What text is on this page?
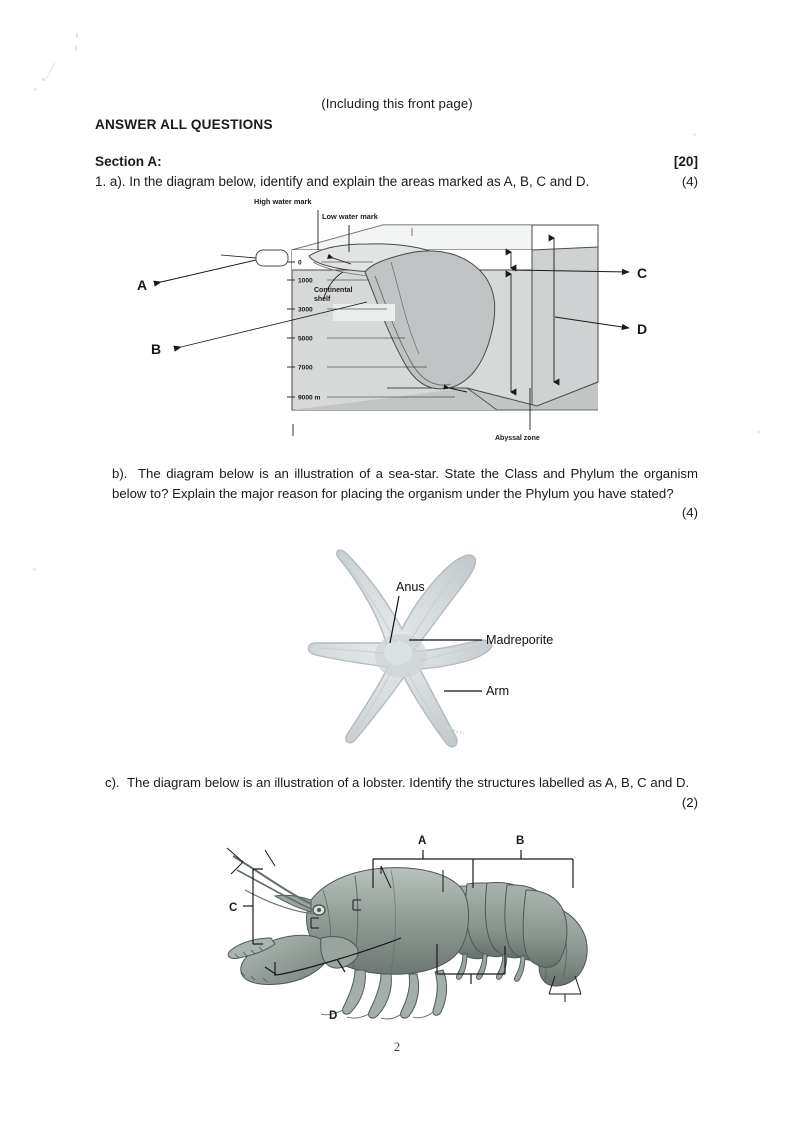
(Including this front page)
ANSWER ALL QUESTIONS
Section A:	[20]
1. a). In the diagram below, identify and explain the areas marked as A, B, C and D.	(4)
0
1000
3000
5000
7000
9000 m
High water mark
Low water mark
Continental
shelf
A
B
C
D
Abyssal zone
b). The diagram below is an illustration of a sea-star. State the Class and Phylum the organism below to? Explain the major reason for placing the organism under the Phylum you have stated?
(4)
Anus
Madreporite
Arm
c). The diagram below is an illustration of a lobster. Identify the structures labelled as A, B, C and D.
(2)
A	B
C
D
2
